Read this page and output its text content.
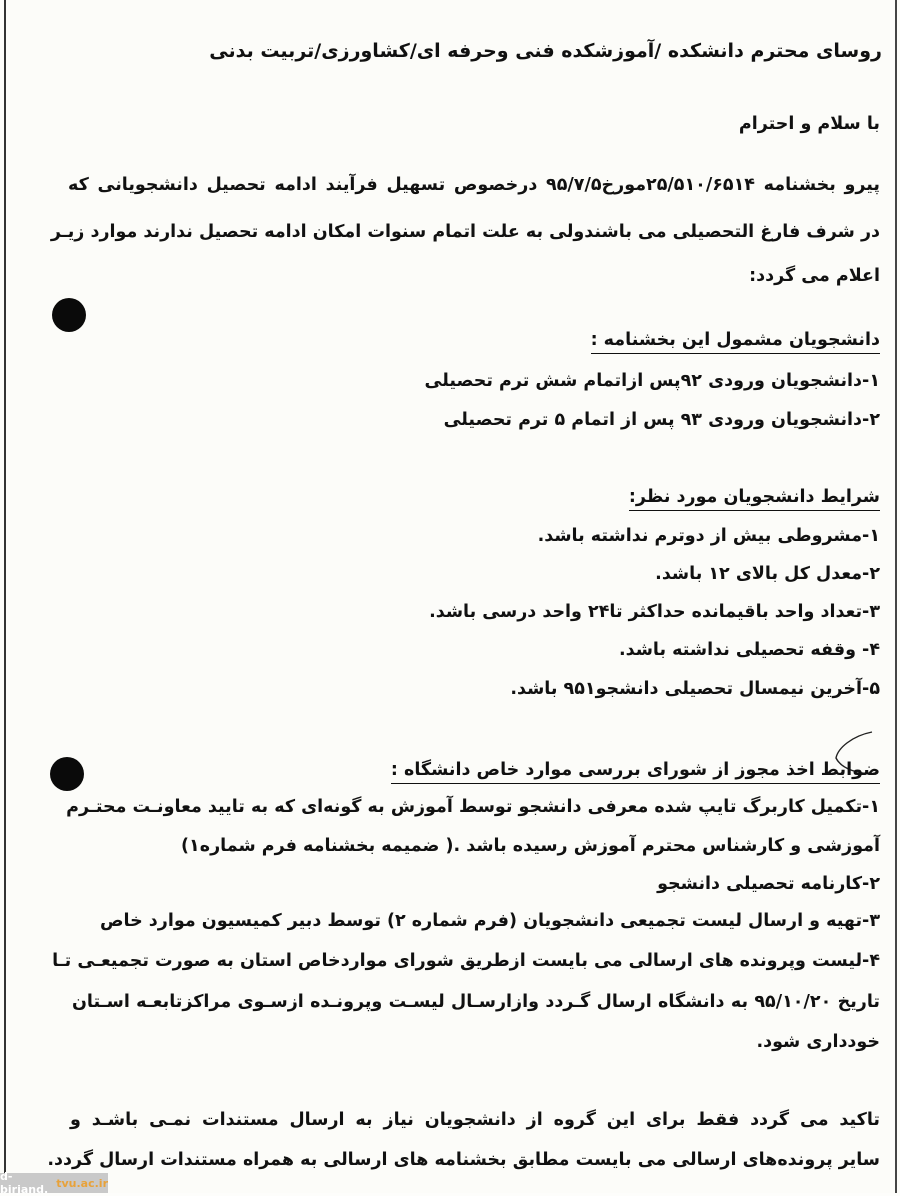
روسای محترم دانشکده /آموزشکده فنی وحرفه ای/کشاورزی/تربیت بدنی
با سلام و احترام
پیرو بخشنامه ۲۵/۵۱۰/۶۵۱۴مورخ۹۵/۷/۵ درخصوص تسهیل فرآیند ادامه تحصیل دانشجویانی که
در شرف فارغ التحصیلی می باشندولی به علت اتمام سنوات امکان ادامه تحصیل ندارند موارد زیـر
اعلام می گردد:
دانشجویان مشمول این بخشنامه :
۱-دانشجویان ورودی ۹۲پس ازاتمام شش ترم تحصیلی
۲-دانشجویان ورودی ۹۳ پس از اتمام ۵ ترم تحصیلی
شرایط دانشجویان مورد نظر:
۱-مشروطی بیش از دوترم نداشته باشد.
۲-معدل کل بالای ۱۲ باشد.
۳-تعداد واحد باقیمانده حداکثر تا۲۴ واحد درسی باشد.
۴- وقفه تحصیلی نداشته باشد.
۵-آخرین نیمسال تحصیلی دانشجو۹۵۱ باشد.
ضوابط اخذ مجوز از شورای بررسی موارد خاص دانشگاه :
۱-تکمیل کاربرگ تایپ شده معرفی دانشجو توسط آموزش به گونه‌ای که به تایید معاونـت محتـرم
آموزشی و کارشناس محترم آموزش رسیده باشد .( ضمیمه بخشنامه فرم شماره۱)
۲-کارنامه تحصیلی دانشجو
۳-تهیه و ارسال لیست تجمیعی دانشجویان (فرم شماره ۲) توسط دبیر کمیسیون موارد خاص
۴-لیست وپرونده های ارسالی می بایست ازطریق شورای مواردخاص استان به صورت تجمیعـی تـا
تاریخ ۹۵/۱۰/۲۰ به دانشگاه ارسال گـردد وازارسـال لیسـت وپرونـده ازسـوی مراکزتابعـه اسـتان
خودداری شود.
تاکید می گردد فقط برای این گروه از دانشجویان نیاز به ارسال مستندات نمـی باشـد و
سایر پرونده‌های ارسالی می بایست مطابق بخشنامه های ارسالی به همراه مستندات ارسال گردد.
d-birjand. tvu.ac.ir
